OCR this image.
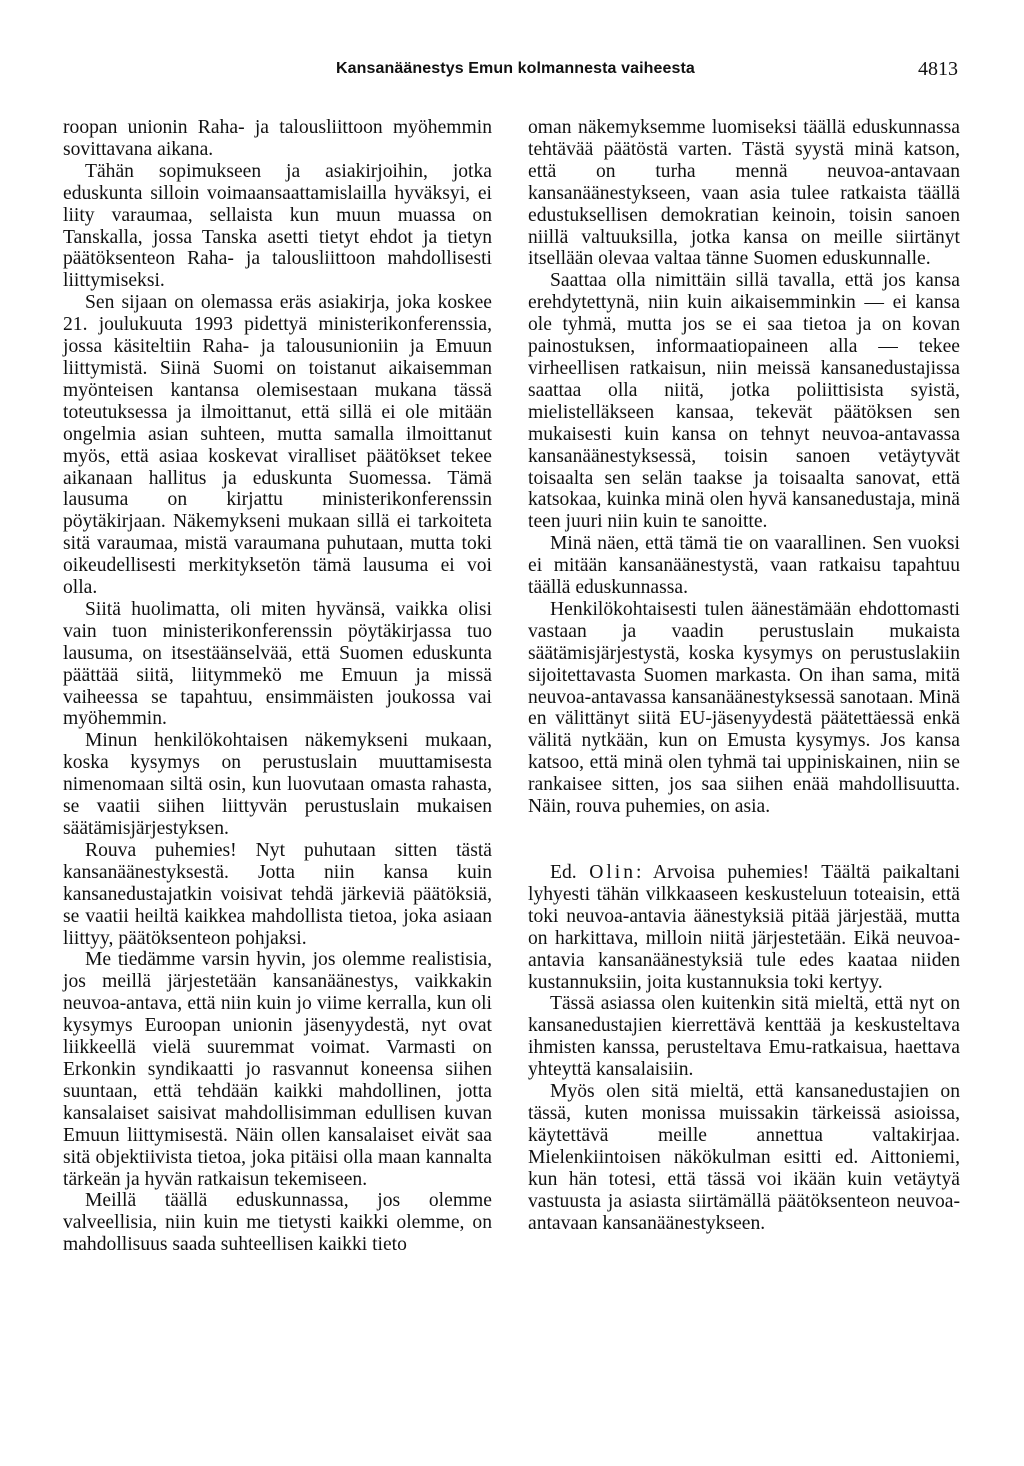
Kansanäänestys Emun kolmannesta vaiheesta	4813

roopan unionin Raha- ja talousliittoon myöhemmin sovittavana aikana.

Tähän sopimukseen ja asiakirjoihin, jotka eduskunta silloin voimaansaattamislailla hyväksyi, ei liity varaumaa, sellaista kun muun muassa on Tanskalla, jossa Tanska asetti tietyt ehdot ja tietyn päätöksenteon Raha- ja talousliittoon mahdollisesti liittymiseksi.

Sen sijaan on olemassa eräs asiakirja, joka koskee 21. joulukuuta 1993 pidettyä ministerikonferenssia, jossa käsiteltiin Raha- ja talousunioniin ja Emuun liittymistä. Siinä Suomi on toistanut aikaisemman myönteisen kantansa olemisestaan mukana tässä toteutuksessa ja ilmoittanut, että sillä ei ole mitään ongelmia asian suhteen, mutta samalla ilmoittanut myös, että asiaa koskevat viralliset päätökset tekee aikanaan hallitus ja eduskunta Suomessa. Tämä lausuma on kirjattu ministerikonferenssin pöytäkirjaan. Näkemykseni mukaan sillä ei tarkoiteta sitä varaumaa, mistä varaumana puhutaan, mutta toki oikeudellisesti merkityksetön tämä lausuma ei voi olla.

Siitä huolimatta, oli miten hyvänsä, vaikka olisi vain tuon ministerikonferenssin pöytäkirjassa tuo lausuma, on itsestäänselvää, että Suomen eduskunta päättää siitä, liitymmekö me Emuun ja missä vaiheessa se tapahtuu, ensimmäisten joukossa vai myöhemmin.

Minun henkilökohtaisen näkemykseni mukaan, koska kysymys on perustuslain muuttamisesta nimenomaan siltä osin, kun luovutaan omasta rahasta, se vaatii siihen liittyvän perustuslain mukaisen säätämisjärjestyksen.

Rouva puhemies! Nyt puhutaan sitten tästä kansanäänestyksestä. Jotta niin kansa kuin kansanedustajatkin voisivat tehdä järkeviä päätöksiä, se vaatii heiltä kaikkea mahdollista tietoa, joka asiaan liittyy, päätöksenteon pohjaksi.

Me tiedämme varsin hyvin, jos olemme realistisia, jos meillä järjestetään kansanäänestys, vaikkakin neuvoa-antava, että niin kuin jo viime kerralla, kun oli kysymys Euroopan unionin jäsenyydestä, nyt ovat liikkeellä vielä suuremmat voimat. Varmasti on Erkonkin syndikaatti jo rasvannut koneensa siihen suuntaan, että tehdään kaikki mahdollinen, jotta kansalaiset saisivat mahdollisimman edullisen kuvan Emuun liittymisestä. Näin ollen kansalaiset eivät saa sitä objektiivista tietoa, joka pitäisi olla maan kannalta tärkeän ja hyvän ratkaisun tekemiseen.

Meillä täällä eduskunnassa, jos olemme valveellisia, niin kuin me tietysti kaikki olemme, on mahdollisuus saada suhteellisen kaikki tieto

oman näkemyksemme luomiseksi täällä eduskunnassa tehtävää päätöstä varten. Tästä syystä minä katson, että on turha mennä neuvoa-antavaan kansanäänestykseen, vaan asia tulee ratkaista täällä edustuksellisen demokratian keinoin, toisin sanoen niillä valtuuksilla, jotka kansa on meille siirtänyt itsellään olevaa valtaa tänne Suomen eduskunnalle.

Saattaa olla nimittäin sillä tavalla, että jos kansa erehdytettynä, niin kuin aikaisemminkin — ei kansa ole tyhmä, mutta jos se ei saa tietoa ja on kovan painostuksen, informaatiopaineen alla — tekee virheellisen ratkaisun, niin meissä kansanedustajissa saattaa olla niitä, jotka poliittisista syistä, mielistelläkseen kansaa, tekevät päätöksen sen mukaisesti kuin kansa on tehnyt neuvoa-antavassa kansanäänestyksessä, toisin sanoen vetäytyvät toisaalta sen selän taakse ja toisaalta sanovat, että katsokaa, kuinka minä olen hyvä kansanedustaja, minä teen juuri niin kuin te sanoitte.

Minä näen, että tämä tie on vaarallinen. Sen vuoksi ei mitään kansanäänestystä, vaan ratkaisu tapahtuu täällä eduskunnassa.

Henkilökohtaisesti tulen äänestämään ehdottomasti vastaan ja vaadin perustuslain mukaista säätämisjärjestystä, koska kysymys on perustuslakiin sijoitettavasta Suomen markasta. On ihan sama, mitä neuvoa-antavassa kansanäänestyksessä sanotaan. Minä en välittänyt siitä EU-jäsenyydestä päätettäessä enkä välitä nytkään, kun on Emusta kysymys. Jos kansa katsoo, että minä olen tyhmä tai uppiniskainen, niin se rankaisee sitten, jos saa siihen enää mahdollisuutta. Näin, rouva puhemies, on asia.

Ed. Olin: Arvoisa puhemies! Täältä paikaltani lyhyesti tähän vilkkaaseen keskusteluun toteaisin, että toki neuvoa-antavia äänestyksiä pitää järjestää, mutta on harkittava, milloin niitä järjestetään. Eikä neuvoa-antavia kansanäänestyksiä tule edes kaataa niiden kustannuksiin, joita kustannuksia toki kertyy.

Tässä asiassa olen kuitenkin sitä mieltä, että nyt on kansanedustajien kierrettävä kenttää ja keskusteltava ihmisten kanssa, perusteltava Emu-ratkaisua, haettava yhteyttä kansalaisiin.

Myös olen sitä mieltä, että kansanedustajien on tässä, kuten monissa muissakin tärkeissä asioissa, käytettävä meille annettua valtakirjaa. Mielenkiintoisen näkökulman esitti ed. Aittoniemi, kun hän totesi, että tässä voi ikään kuin vetäytyä vastuusta ja asiasta siirtämällä päätöksenteon neuvoa-antavaan kansanäänestykseen.
